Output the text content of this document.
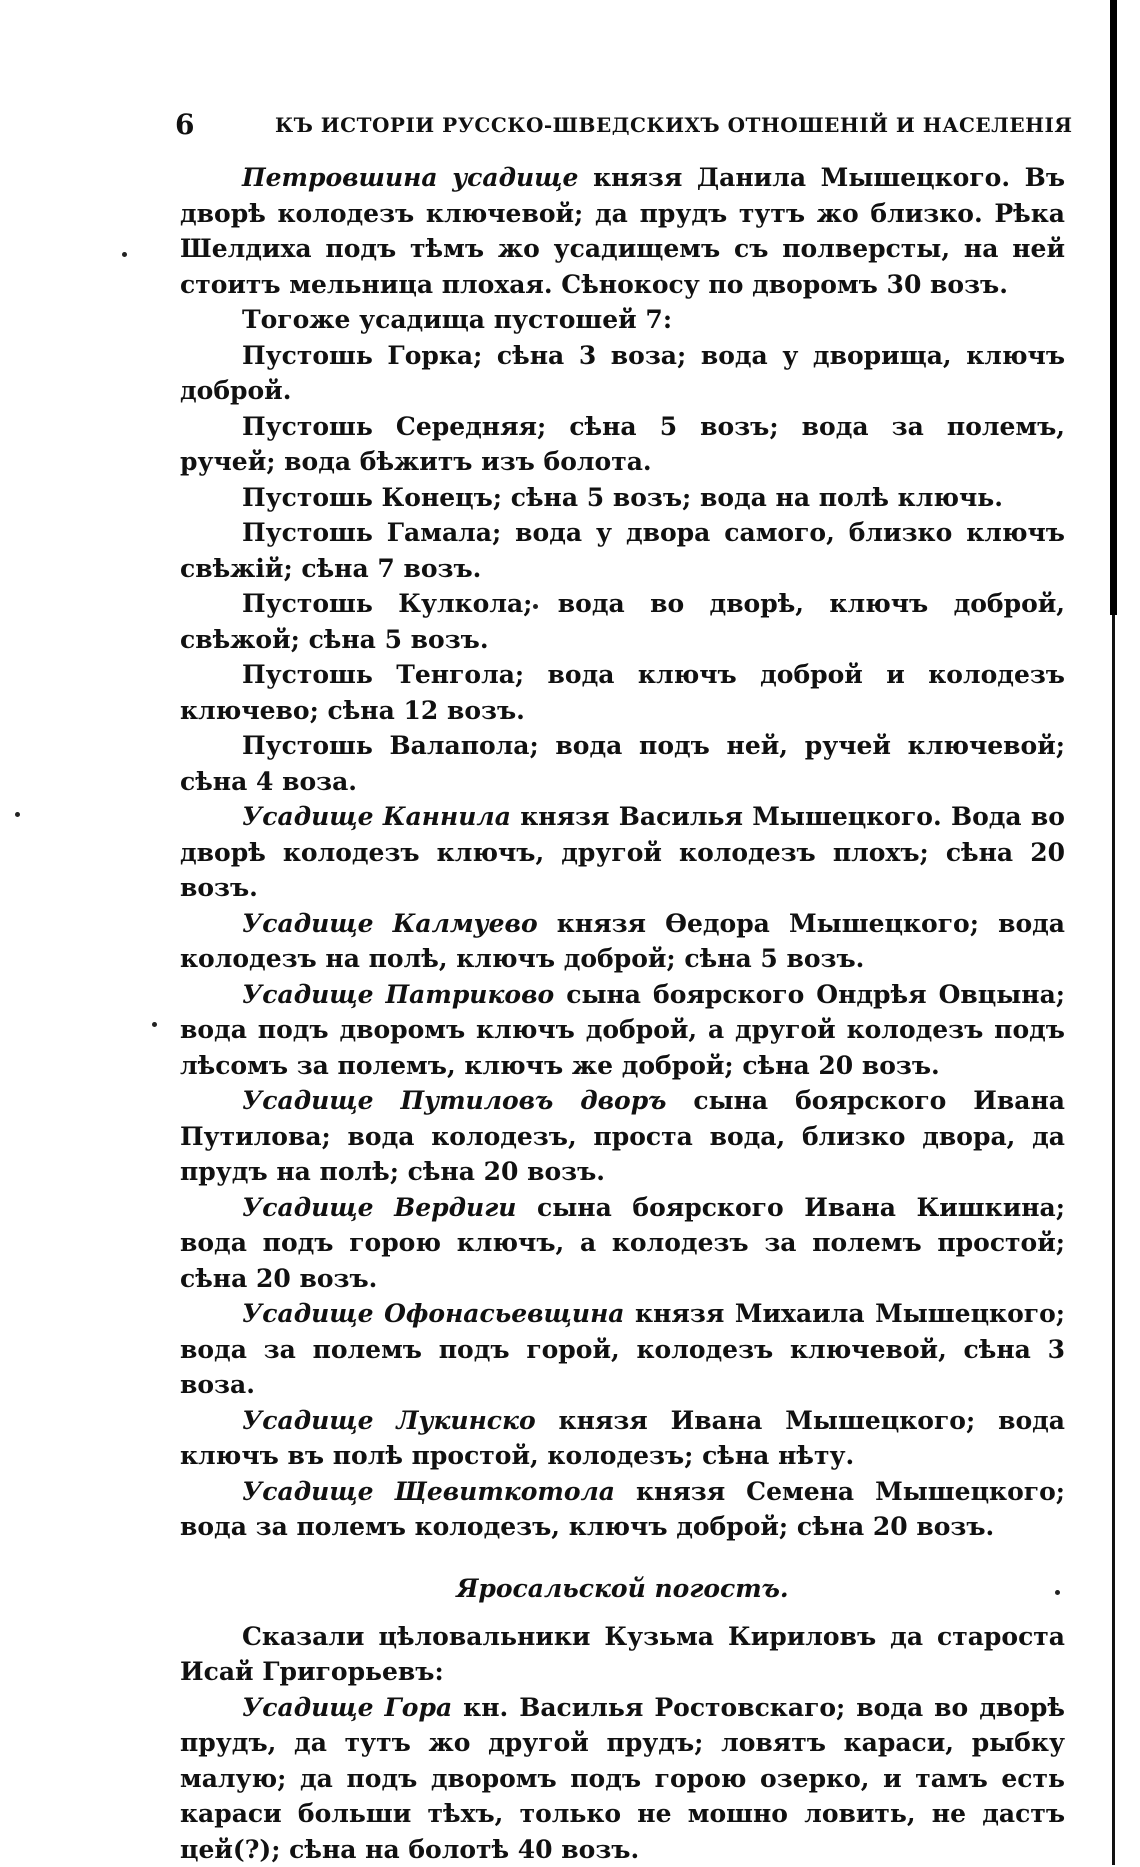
6	КЪ ИСТОРІИ РУССКО-ШВЕДСКИХЪ ОТНОШЕНІЙ И НАСЕЛЕНІЯ

Петровшина усадище князя Данила Мышецкого. Въ дворѣ колодезъ ключевой; да прудъ тутъ жо близко. Рѣка Шелдиха подъ тѣмъ жо усадищемъ съ полверсты, на ней стоитъ мельница плохая. Сѣнокосу по дворомъ 30 возъ.

Тогоже усадища пустошей 7:

Пустошь Горка; сѣна 3 воза; вода у дворища, ключъ доброй.

Пустошь Середняя; сѣна 5 возъ; вода за полемъ, ручей; вода бѣжитъ изъ болота.

Пустошь Конецъ; сѣна 5 возъ; вода на полѣ ключь.

Пустошь Гамала; вода у двора самого, близко ключъ свѣжій; сѣна 7 возъ.

Пустошь Кулкола; вода во дворѣ, ключъ доброй, свѣжой; сѣна 5 возъ.

Пустошь Тенгола; вода ключъ доброй и колодезъ ключево; сѣна 12 возъ.

Пустошь Валапола; вода подъ ней, ручей ключевой; сѣна 4 воза.

Усадище Каннила князя Василья Мышецкого. Вода во дворѣ колодезъ ключъ, другой колодезъ плохъ; сѣна 20 возъ.

Усадище Калмуево князя Ѳедора Мышецкого; вода колодезъ на полѣ, ключъ доброй; сѣна 5 возъ.

Усадище Патриково сына боярского Ондрѣя Овцына; вода подъ дворомъ ключъ доброй, а другой колодезъ подъ лѣсомъ за полемъ, ключъ же доброй; сѣна 20 возъ.

Усадище Путиловъ дворъ сына боярского Ивана Путилова; вода колодезъ, проста вода, близко двора, да прудъ на полѣ; сѣна 20 возъ.

Усадище Вердиги сына боярского Ивана Кишкина; вода подъ горою ключъ, а колодезъ за полемъ простой; сѣна 20 возъ.

Усадище Офонасьевщина князя Михаила Мышецкого; вода за полемъ подъ горой, колодезъ ключевой, сѣна 3 воза.

Усадище Лукинско князя Ивана Мышецкого; вода ключъ въ полѣ простой, колодезъ; сѣна нѣту.

Усадище Щевиткотола князя Семена Мышецкого; вода за полемъ колодезъ, ключъ доброй; сѣна 20 возъ.

Яросальской погостъ.

Сказали цѣловальники Кузьма Кириловъ да староста Исай Григорьевъ:

Усадище Гора кн. Василья Ростовскаго; вода во дворѣ прудъ, да тутъ жо другой прудъ; ловятъ караси, рыбку малую; да подъ дворомъ подъ горою озерко, и тамъ есть караси больши тѣхъ, только не мошно ловить, не дастъ цей(?); сѣна на болотѣ 40 возъ.
